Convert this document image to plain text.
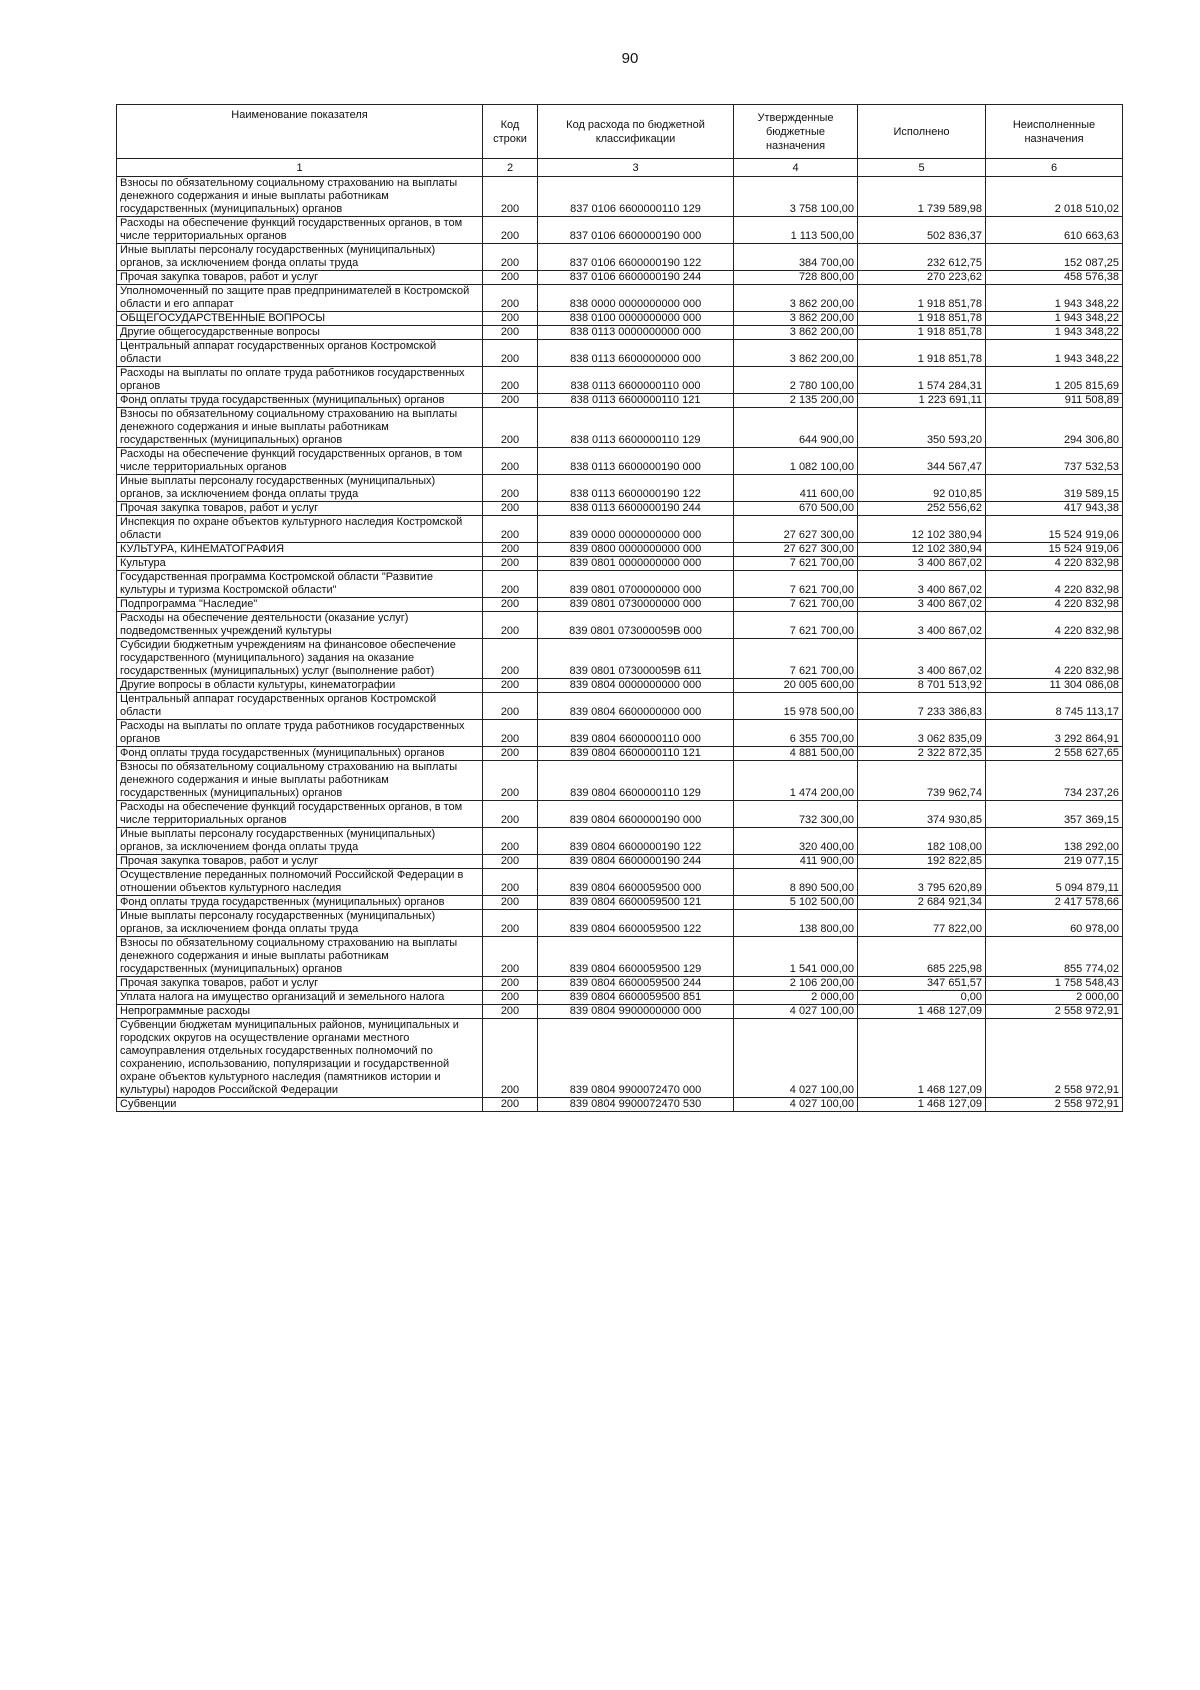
90
Наименование показателя	Код строки	Код расхода по бюджетной классификации	Утвержденные бюджетные назначения	Исполнено	Неисполненные назначения
1	2	3	4	5	6
Взносы по обязательному социальному страхованию на выплаты денежного содержания и иные выплаты работникам государственных (муниципальных) органов	200	837 0106 6600000110 129	3 758 100,00	1 739 589,98	2 018 510,02
Расходы на обеспечение функций государственных органов, в том числе территориальных органов	200	837 0106 6600000190 000	1 113 500,00	502 836,37	610 663,63
Иные выплаты персоналу государственных (муниципальных) органов, за исключением фонда оплаты труда	200	837 0106 6600000190 122	384 700,00	232 612,75	152 087,25
Прочая закупка товаров, работ и услуг	200	837 0106 6600000190 244	728 800,00	270 223,62	458 576,38
Уполномоченный по защите прав предпринимателей в Костромской области и его аппарат	200	838 0000 0000000000 000	3 862 200,00	1 918 851,78	1 943 348,22
ОБЩЕГОСУДАРСТВЕННЫЕ ВОПРОСЫ	200	838 0100 0000000000 000	3 862 200,00	1 918 851,78	1 943 348,22
Другие общегосударственные вопросы	200	838 0113 0000000000 000	3 862 200,00	1 918 851,78	1 943 348,22
Центральный аппарат государственных органов Костромской области	200	838 0113 6600000000 000	3 862 200,00	1 918 851,78	1 943 348,22
Расходы на выплаты по оплате труда работников государственных органов	200	838 0113 6600000110 000	2 780 100,00	1 574 284,31	1 205 815,69
Фонд оплаты труда государственных (муниципальных) органов	200	838 0113 6600000110 121	2 135 200,00	1 223 691,11	911 508,89
Взносы по обязательному социальному страхованию на выплаты денежного содержания и иные выплаты работникам государственных (муниципальных) органов	200	838 0113 6600000110 129	644 900,00	350 593,20	294 306,80
Расходы на обеспечение функций государственных органов, в том числе территориальных органов	200	838 0113 6600000190 000	1 082 100,00	344 567,47	737 532,53
Иные выплаты персоналу государственных (муниципальных) органов, за исключением фонда оплаты труда	200	838 0113 6600000190 122	411 600,00	92 010,85	319 589,15
Прочая закупка товаров, работ и услуг	200	838 0113 6600000190 244	670 500,00	252 556,62	417 943,38
Инспекция по охране объектов культурного наследия Костромской области	200	839 0000 0000000000 000	27 627 300,00	12 102 380,94	15 524 919,06
КУЛЬТУРА, КИНЕМАТОГРАФИЯ	200	839 0800 0000000000 000	27 627 300,00	12 102 380,94	15 524 919,06
Культура	200	839 0801 0000000000 000	7 621 700,00	3 400 867,02	4 220 832,98
Государственная программа Костромской области "Развитие культуры и туризма Костромской области"	200	839 0801 0700000000 000	7 621 700,00	3 400 867,02	4 220 832,98
Подпрограмма "Наследие"	200	839 0801 0730000000 000	7 621 700,00	3 400 867,02	4 220 832,98
Расходы на обеспечение деятельности (оказание услуг) подведомственных учреждений культуры	200	839 0801 073000059В 000	7 621 700,00	3 400 867,02	4 220 832,98
Субсидии бюджетным учреждениям на финансовое обеспечение государственного (муниципального) задания на оказание государственных (муниципальных) услуг (выполнение работ)	200	839 0801 073000059В 611	7 621 700,00	3 400 867,02	4 220 832,98
Другие вопросы в области культуры, кинематографии	200	839 0804 0000000000 000	20 005 600,00	8 701 513,92	11 304 086,08
Центральный аппарат государственных органов Костромской области	200	839 0804 6600000000 000	15 978 500,00	7 233 386,83	8 745 113,17
Расходы на выплаты по оплате труда работников государственных органов	200	839 0804 6600000110 000	6 355 700,00	3 062 835,09	3 292 864,91
Фонд оплаты труда государственных (муниципальных) органов	200	839 0804 6600000110 121	4 881 500,00	2 322 872,35	2 558 627,65
Взносы по обязательному социальному страхованию на выплаты денежного содержания и иные выплаты работникам государственных (муниципальных) органов	200	839 0804 6600000110 129	1 474 200,00	739 962,74	734 237,26
Расходы на обеспечение функций государственных органов, в том числе территориальных органов	200	839 0804 6600000190 000	732 300,00	374 930,85	357 369,15
Иные выплаты персоналу государственных (муниципальных) органов, за исключением фонда оплаты труда	200	839 0804 6600000190 122	320 400,00	182 108,00	138 292,00
Прочая закупка товаров, работ и услуг	200	839 0804 6600000190 244	411 900,00	192 822,85	219 077,15
Осуществление переданных полномочий Российской Федерации в отношении объектов культурного наследия	200	839 0804 6600059500 000	8 890 500,00	3 795 620,89	5 094 879,11
Фонд оплаты труда государственных (муниципальных) органов	200	839 0804 6600059500 121	5 102 500,00	2 684 921,34	2 417 578,66
Иные выплаты персоналу государственных (муниципальных) органов, за исключением фонда оплаты труда	200	839 0804 6600059500 122	138 800,00	77 822,00	60 978,00
Взносы по обязательному социальному страхованию на выплаты денежного содержания и иные выплаты работникам государственных (муниципальных) органов	200	839 0804 6600059500 129	1 541 000,00	685 225,98	855 774,02
Прочая закупка товаров, работ и услуг	200	839 0804 6600059500 244	2 106 200,00	347 651,57	1 758 548,43
Уплата налога на имущество организаций и земельного налога	200	839 0804 6600059500 851	2 000,00	0,00	2 000,00
Непрограммные расходы	200	839 0804 9900000000 000	4 027 100,00	1 468 127,09	2 558 972,91
Субвенции бюджетам муниципальных районов, муниципальных и городских округов на осуществление органами местного самоуправления отдельных государственных полномочий по сохранению, использованию, популяризации и государственной охране объектов культурного наследия (памятников истории и культуры) народов Российской Федерации	200	839 0804 9900072470 000	4 027 100,00	1 468 127,09	2 558 972,91
Субвенции	200	839 0804 9900072470 530	4 027 100,00	1 468 127,09	2 558 972,91
